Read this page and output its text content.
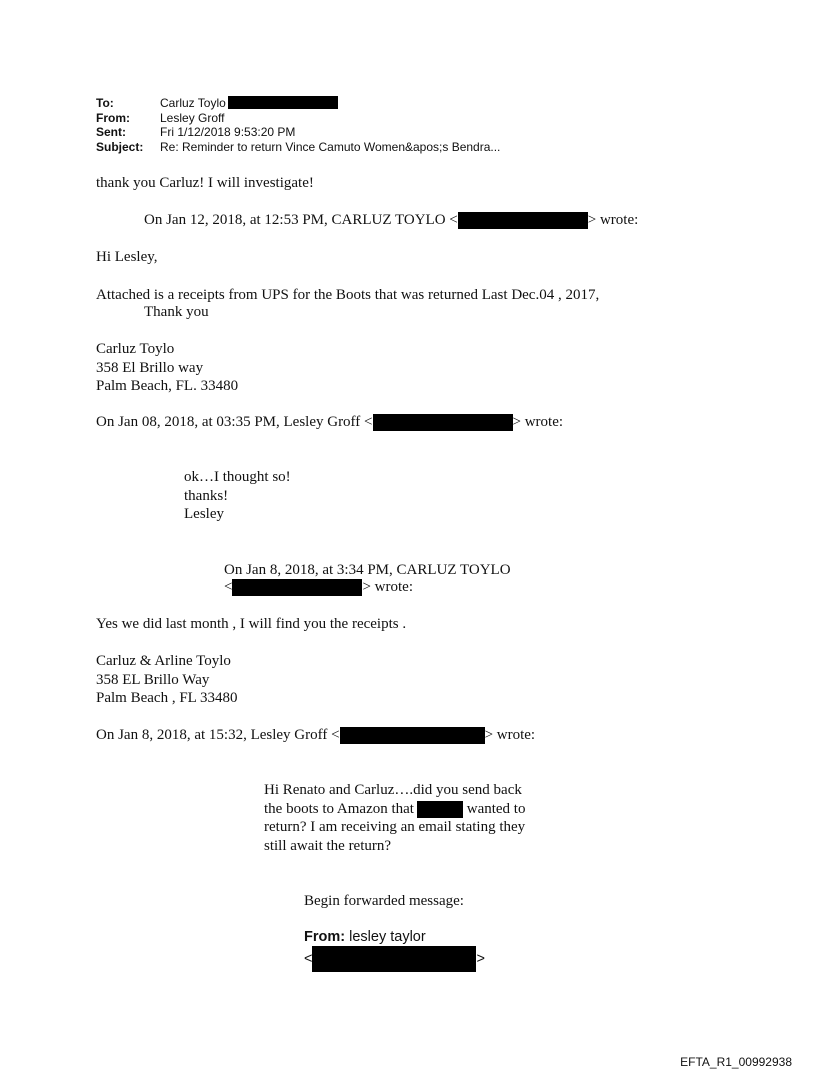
To:	Carluz Toylo
From:	Lesley Groff
Sent:	Fri 1/12/2018 9:53:20 PM
Subject:	Re: Reminder to return Vince Camuto Women&apos;s Bendra...
thank you Carluz! I will investigate!
On Jan 12, 2018, at 12:53 PM, CARLUZ TOYLO <	> wrote:
Hi Lesley,
Attached is a receipts from UPS for the Boots that was returned Last Dec.04 , 2017,
Thank you
Carluz Toylo
358 El Brillo way
Palm Beach, FL. 33480
On Jan 08, 2018, at 03:35 PM, Lesley Groff <	> wrote:
ok…I thought so!
thanks!
Lesley
On Jan 8, 2018, at 3:34 PM, CARLUZ TOYLO
<	> wrote:
Yes we did last month , I will find you the receipts .
Carluz & Arline Toylo
358 EL Brillo Way
Palm Beach , FL 33480
On Jan 8, 2018, at 15:32, Lesley Groff <	> wrote:
Hi Renato and Carluz….did you send back
the boots to Amazon that	wanted to
return? I am receiving an email stating they
still await the return?
Begin forwarded message:
From: lesley taylor
<	>
EFTA_R1_00992938
